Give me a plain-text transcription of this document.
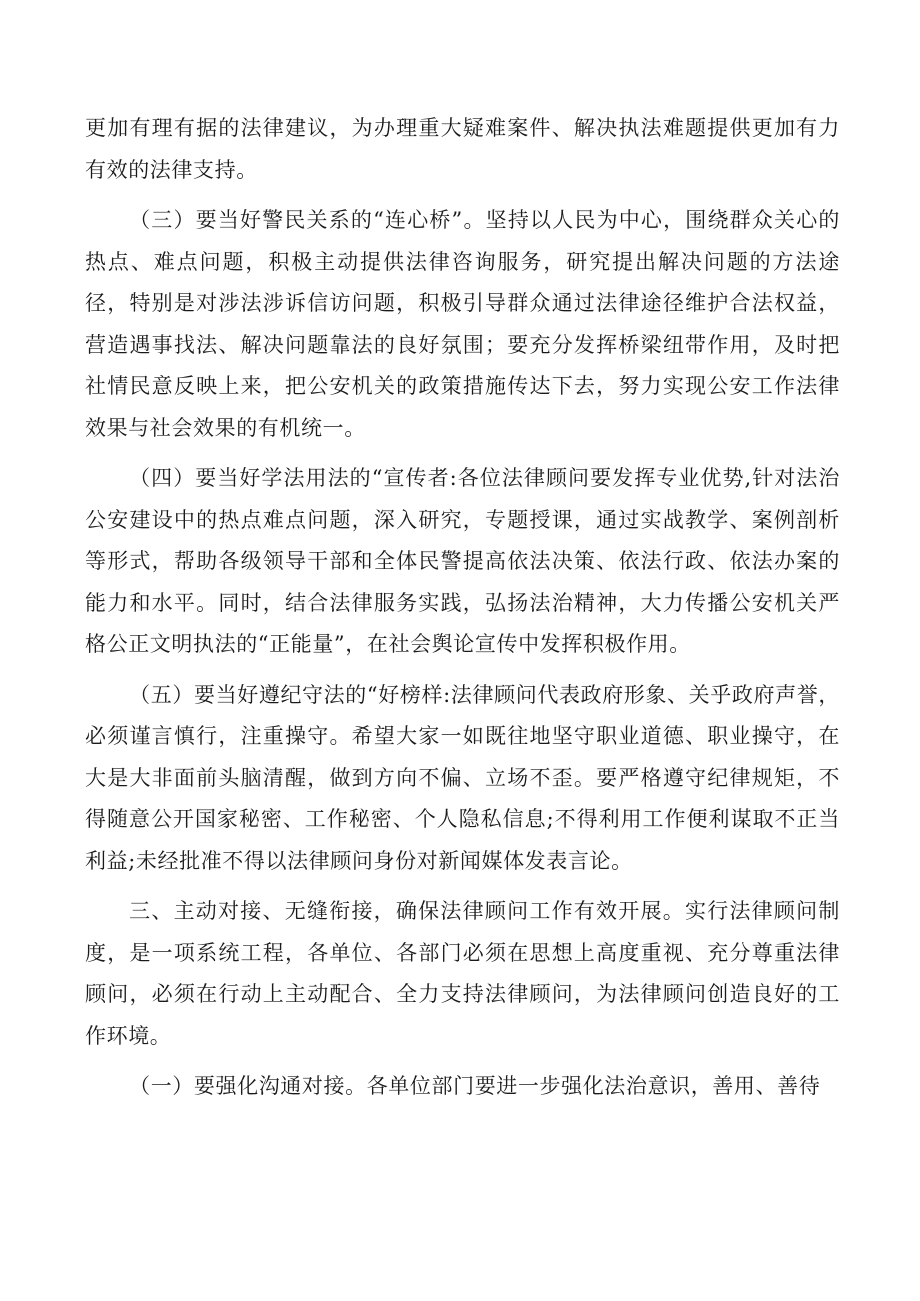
更加有理有据的法律建议，为办理重大疑难案件、解决执法难题提供更加有力有效的法律支持。

（三）要当好警民关系的“连心桥”。坚持以人民为中心，围绕群众关心的热点、难点问题，积极主动提供法律咨询服务，研究提出解决问题的方法途径，特别是对涉法涉诉信访问题，积极引导群众通过法律途径维护合法权益，营造遇事找法、解决问题靠法的良好氛围；要充分发挥桥梁纽带作用，及时把社情民意反映上来，把公安机关的政策措施传达下去，努力实现公安工作法律效果与社会效果的有机统一。

（四）要当好学法用法的“宣传者:各位法律顾问要发挥专业优势,针对法治公安建设中的热点难点问题，深入研究，专题授课，通过实战教学、案例剖析等形式，帮助各级领导干部和全体民警提高依法决策、依法行政、依法办案的能力和水平。同时，结合法律服务实践，弘扬法治精神，大力传播公安机关严格公正文明执法的“正能量”，在社会舆论宣传中发挥积极作用。

（五）要当好遵纪守法的“好榜样:法律顾问代表政府形象、关乎政府声誉，必须谨言慎行，注重操守。希望大家一如既往地坚守职业道德、职业操守，在大是大非面前头脑清醒，做到方向不偏、立场不歪。要严格遵守纪律规矩，不得随意公开国家秘密、工作秘密、个人隐私信息;不得利用工作便利谋取不正当利益;未经批准不得以法律顾问身份对新闻媒体发表言论。

三、主动对接、无缝衔接，确保法律顾问工作有效开展。实行法律顾问制度，是一项系统工程，各单位、各部门必须在思想上高度重视、充分尊重法律顾问，必须在行动上主动配合、全力支持法律顾问，为法律顾问创造良好的工作环境。

（一）要强化沟通对接。各单位部门要进一步强化法治意识，善用、善待
